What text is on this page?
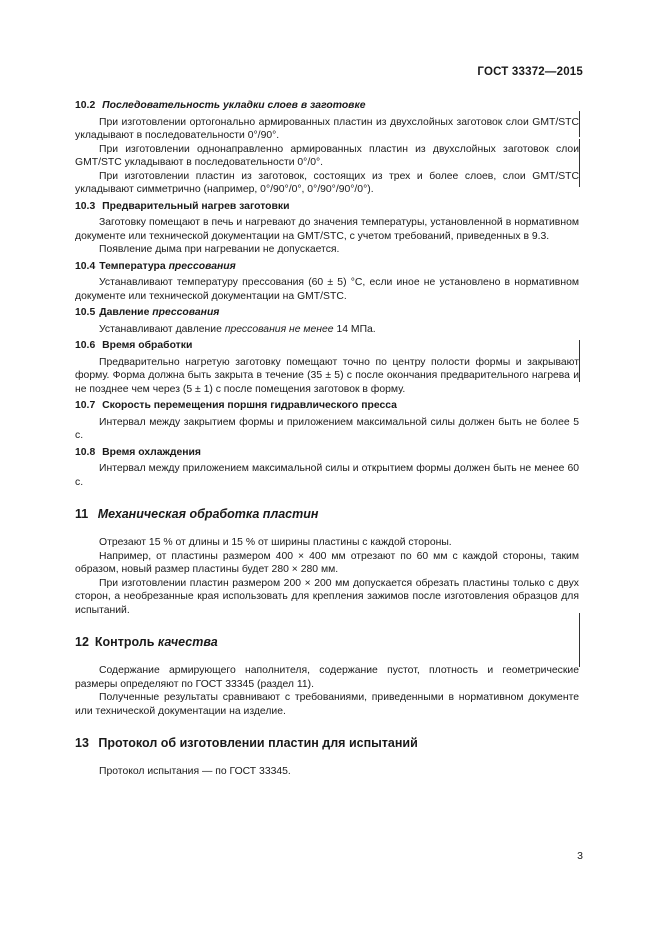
ГОСТ 33372—2015
10.2 Последовательность укладки слоев в заготовке

При изготовлении ортогонально армированных пластин из двухслойных заготовок слои GMT/STC укладывают в последовательности 0°/90°.

При изготовлении однонаправленно армированных пластин из двухслойных заготовок слои GMT/STC укладывают в последовательности 0°/0°.

При изготовлении пластин из заготовок, состоящих из трех и более слоев, слои GMT/STC укладывают симметрично (например, 0°/90°/0°, 0°/90°/90°/0°).

10.3 Предварительный нагрев заготовки

Заготовку помещают в печь и нагревают до значения температуры, установленной в нормативном документе или технической документации на GMT/STC, с учетом требований, приведенных в 9.3.

Появление дыма при нагревании не допускается.

10.4 Температура прессования

Устанавливают температуру прессования (60 ± 5) °С, если иное не установлено в нормативном документе или технической документации на GMT/STC.

10.5 Давление прессования

Устанавливают давление прессования не менее 14 МПа.

10.6 Время обработки

Предварительно нагретую заготовку помещают точно по центру полости формы и закрывают форму. Форма должна быть закрыта в течение (35 ± 5) с после окончания предварительного нагрева и не позднее чем через (5 ± 1) с после помещения заготовок в форму.

10.7 Скорость перемещения поршня гидравлического пресса

Интервал между закрытием формы и приложением максимальной силы должен быть не более 5 с.

10.8 Время охлаждения

Интервал между приложением максимальной силы и открытием формы должен быть не менее 60 с.

11 Механическая обработка пластин

Отрезают 15 % от длины и 15 % от ширины пластины с каждой стороны.

Например, от пластины размером 400 × 400 мм отрезают по 60 мм с каждой стороны, таким образом, новый размер пластины будет 280 × 280 мм.

При изготовлении пластин размером 200 × 200 мм допускается обрезать пластины только с двух сторон, а необрезанные края использовать для крепления зажимов после изготовления образцов для испытаний.

12 Контроль качества

Содержание армирующего наполнителя, содержание пустот, плотность и геометрические размеры определяют по ГОСТ 33345 (раздел 11).

Полученные результаты сравнивают с требованиями, приведенными в нормативном документе или технической документации на изделие.

13 Протокол об изготовлении пластин для испытаний

Протокол испытания — по ГОСТ 33345.

3
